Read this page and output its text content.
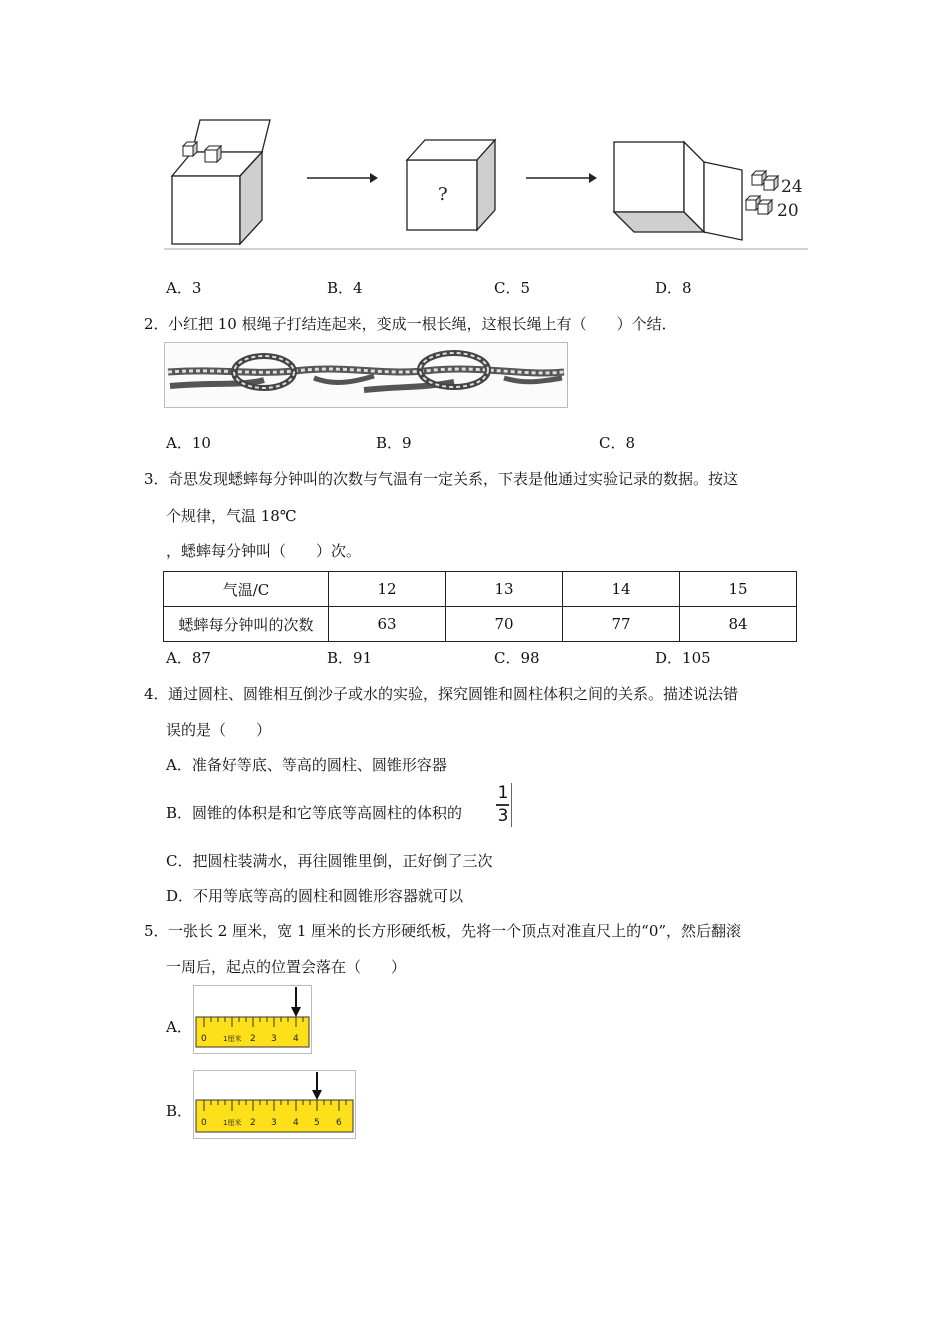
?	24
20
A．3	B．4	C．5	D．8
2． 小红把 10 根绳子打结连起来，变成一根长绳，这根长绳上有（　　）个结．
A．10	B．9	C．8
3． 奇思发现蟋蟀每分钟叫的次数与气温有一定关系，下表是他通过实验记录的数据。按这
个规律，气温 18℃
，蟋蟀每分钟叫（　　）次。
气温/C	12	13	14	15
蟋蟀每分钟叫的次数	63	70	77	84
A．87	B．91	C．98	D．105
4． 通过圆柱、圆锥相互倒沙子或水的实验，探究圆锥和圆柱体积之间的关系。描述说法错
误的是（　　）
A．准备好等底、等高的圆柱、圆锥形容器
B．圆锥的体积是和它等底等高圆柱的体积的
1
3
C．把圆柱装满水，再往圆锥里倒，正好倒了三次
D．不用等底等高的圆柱和圆锥形容器就可以
5． 一张长 2 厘米，宽 1 厘米的长方形硬纸板，先将一个顶点对准直尺上的“0”，然后翻滚
一周后，起点的位置会落在（　　）
A．
0 1厘米 2 3 4
B．
0 1厘米 2 3 4 5 6
